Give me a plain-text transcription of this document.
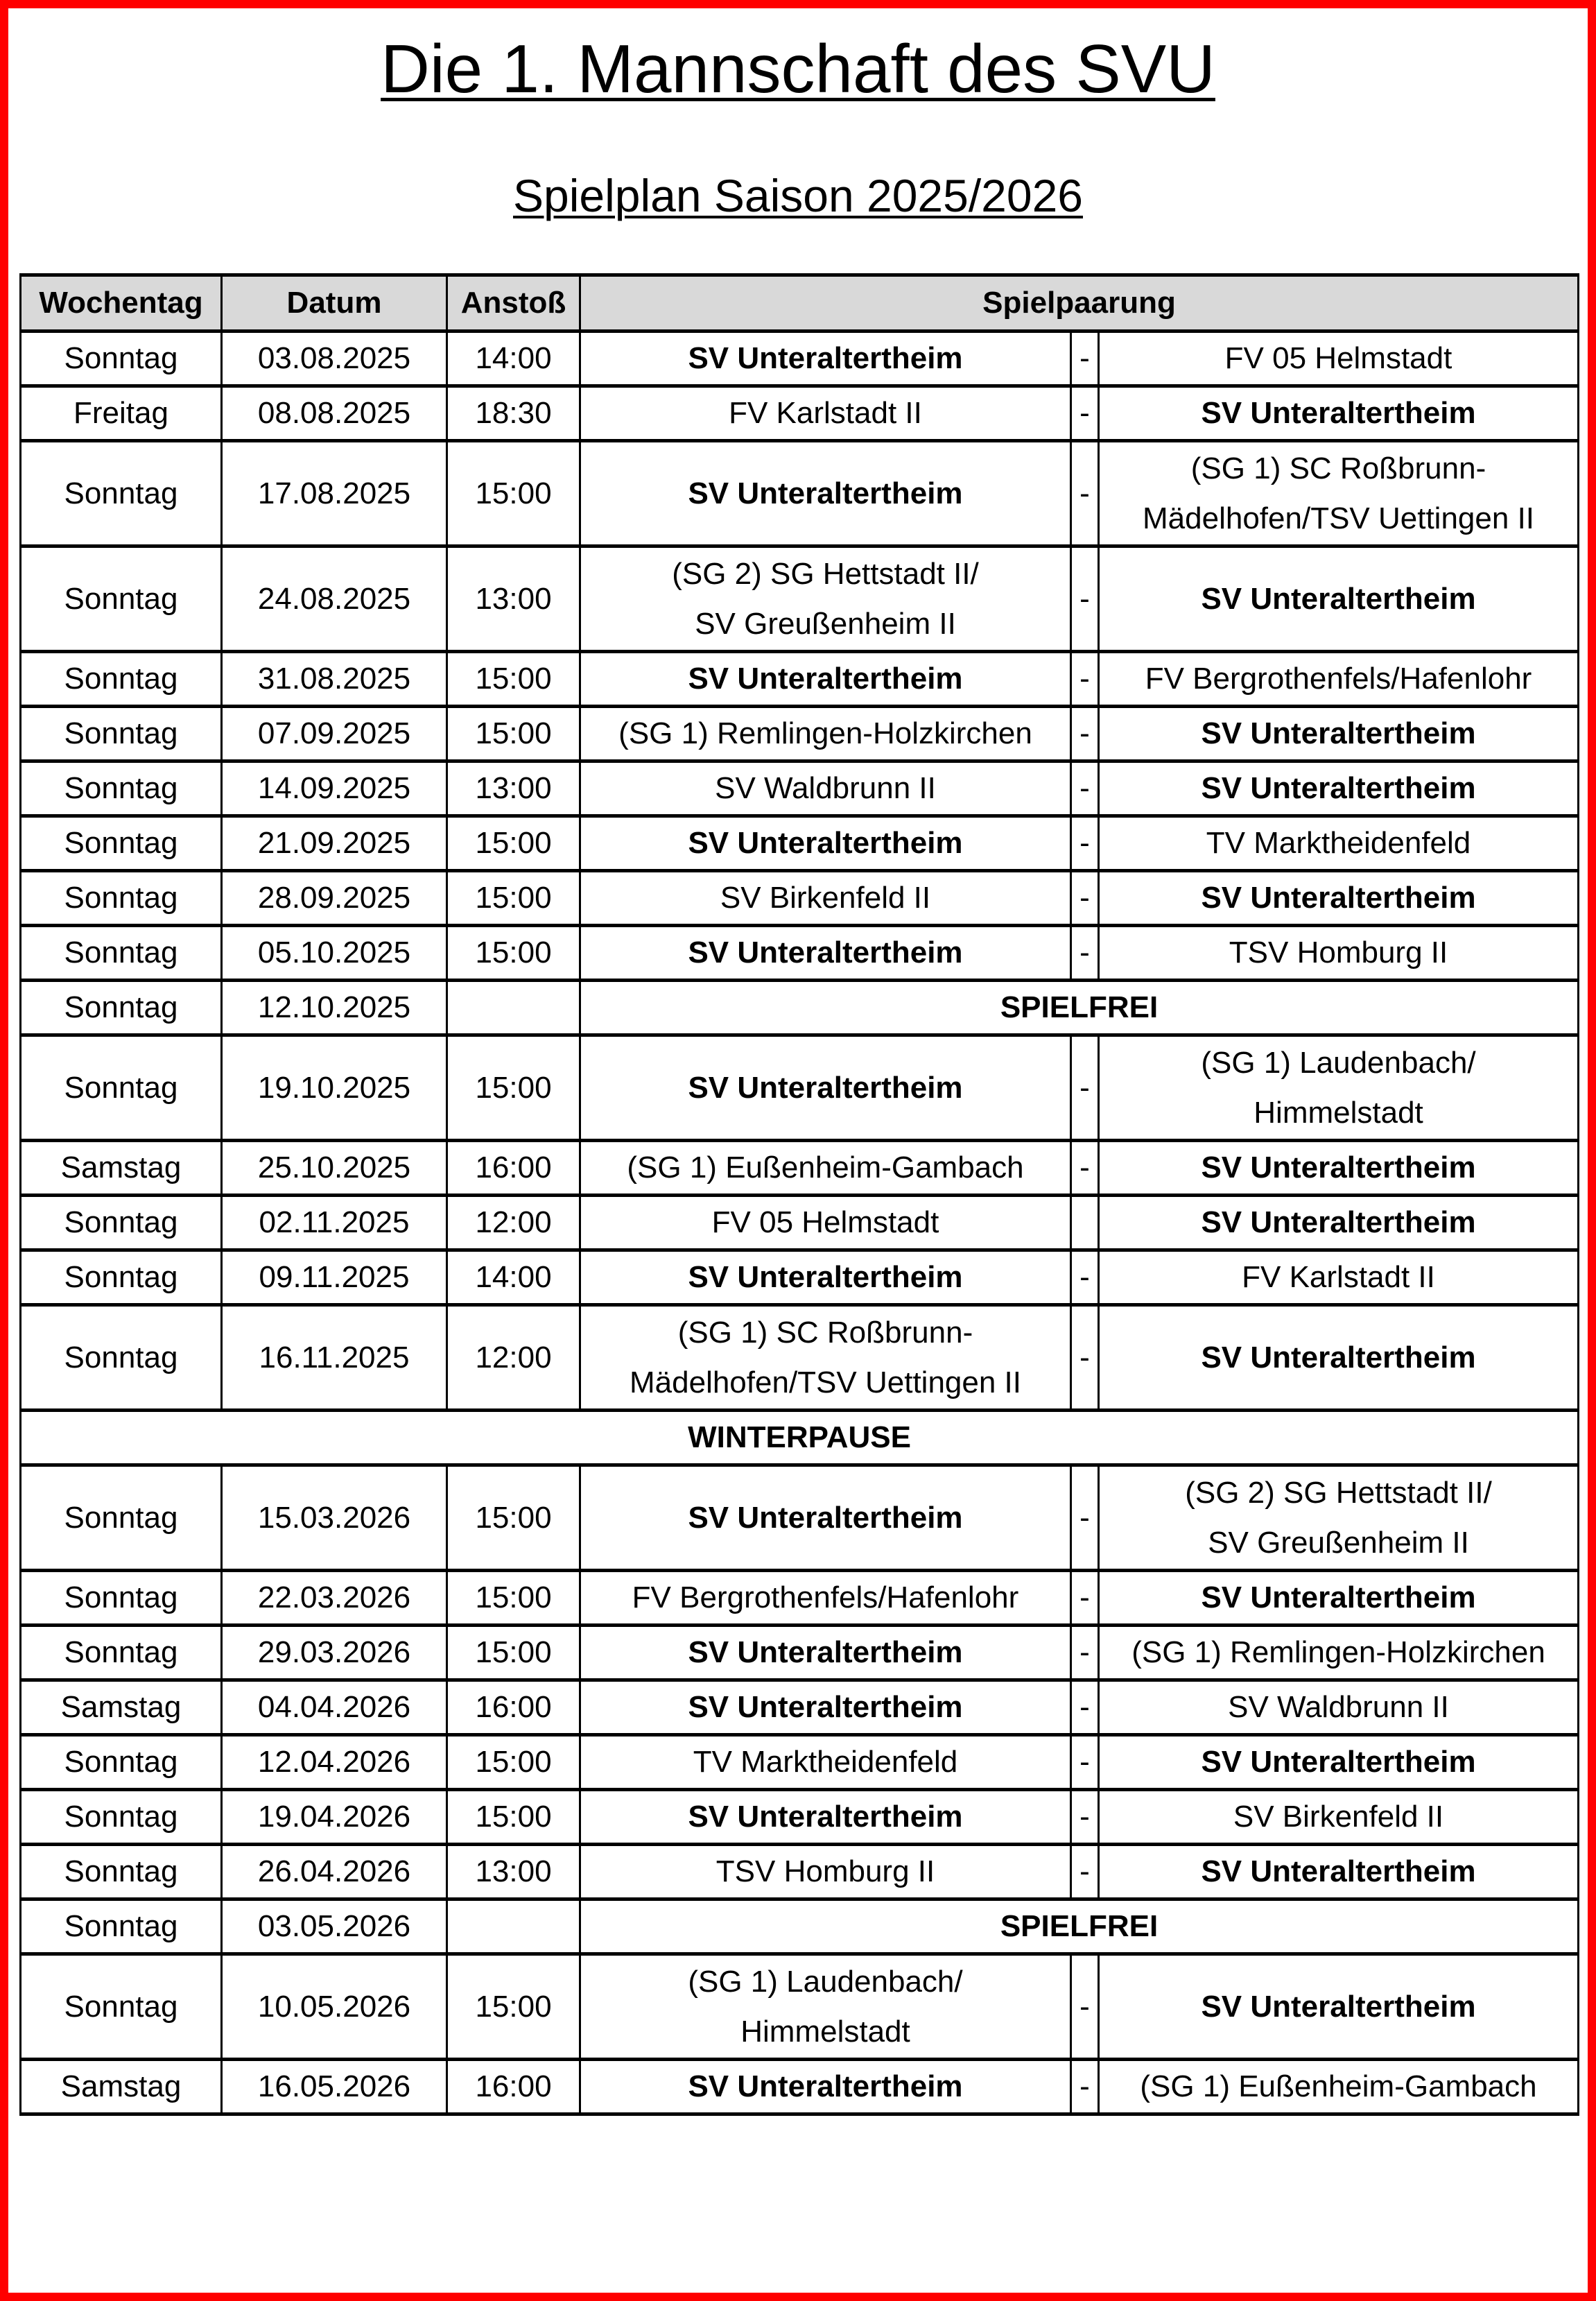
Die 1. Mannschaft des SVU
Spielplan Saison 2025/2026
Wochentag	Datum	Anstoß	Spielpaarung		
Sonntag	03.08.2025	14:00	SV Unteraltertheim	-	FV 05 Helmstadt

Freitag	08.08.2025	18:30	FV Karlstadt II	-	SV Unteraltertheim

Sonntag	17.08.2025	15:00	SV Unteraltertheim	-	(SG 1) SC Roßbrunn-
Mädelhofen/TSV Uettingen II

Sonntag	24.08.2025	13:00	(SG 2) SG Hettstadt II/
SV Greußenheim II	-	SV Unteraltertheim

Sonntag	31.08.2025	15:00	SV Unteraltertheim	-	FV Bergrothenfels/Hafenlohr

Sonntag	07.09.2025	15:00	(SG 1) Remlingen-Holzkirchen	-	SV Unteraltertheim

Sonntag	14.09.2025	13:00	SV Waldbrunn II	-	SV Unteraltertheim

Sonntag	21.09.2025	15:00	SV Unteraltertheim	-	TV Marktheidenfeld

Sonntag	28.09.2025	15:00	SV Birkenfeld II	-	SV Unteraltertheim

Sonntag	05.10.2025	15:00	SV Unteraltertheim	-	TSV Homburg II

Sonntag	12.10.2025		SPIELFREI		
Sonntag	19.10.2025	15:00	SV Unteraltertheim	-	(SG 1) Laudenbach/
Himmelstadt

Samstag	25.10.2025	16:00	(SG 1) Eußenheim-Gambach	-	SV Unteraltertheim

Sonntag	02.11.2025	12:00	FV 05 Helmstadt		SV Unteraltertheim

Sonntag	09.11.2025	14:00	SV Unteraltertheim	-	FV Karlstadt II

Sonntag	16.11.2025	12:00	(SG 1) SC Roßbrunn-
Mädelhofen/TSV Uettingen II	-	SV Unteraltertheim

WINTERPAUSE					
Sonntag	15.03.2026	15:00	SV Unteraltertheim	-	(SG 2) SG Hettstadt II/
SV Greußenheim II

Sonntag	22.03.2026	15:00	FV Bergrothenfels/Hafenlohr	-	SV Unteraltertheim

Sonntag	29.03.2026	15:00	SV Unteraltertheim	-	(SG 1) Remlingen-Holzkirchen

Samstag	04.04.2026	16:00	SV Unteraltertheim	-	SV Waldbrunn II

Sonntag	12.04.2026	15:00	TV Marktheidenfeld	-	SV Unteraltertheim

Sonntag	19.04.2026	15:00	SV Unteraltertheim	-	SV Birkenfeld II

Sonntag	26.04.2026	13:00	TSV Homburg II	-	SV Unteraltertheim

Sonntag	03.05.2026		SPIELFREI		
Sonntag	10.05.2026	15:00	(SG 1) Laudenbach/
Himmelstadt	-	SV Unteraltertheim

Samstag	16.05.2026	16:00	SV Unteraltertheim	-	(SG 1) Eußenheim-Gambach
